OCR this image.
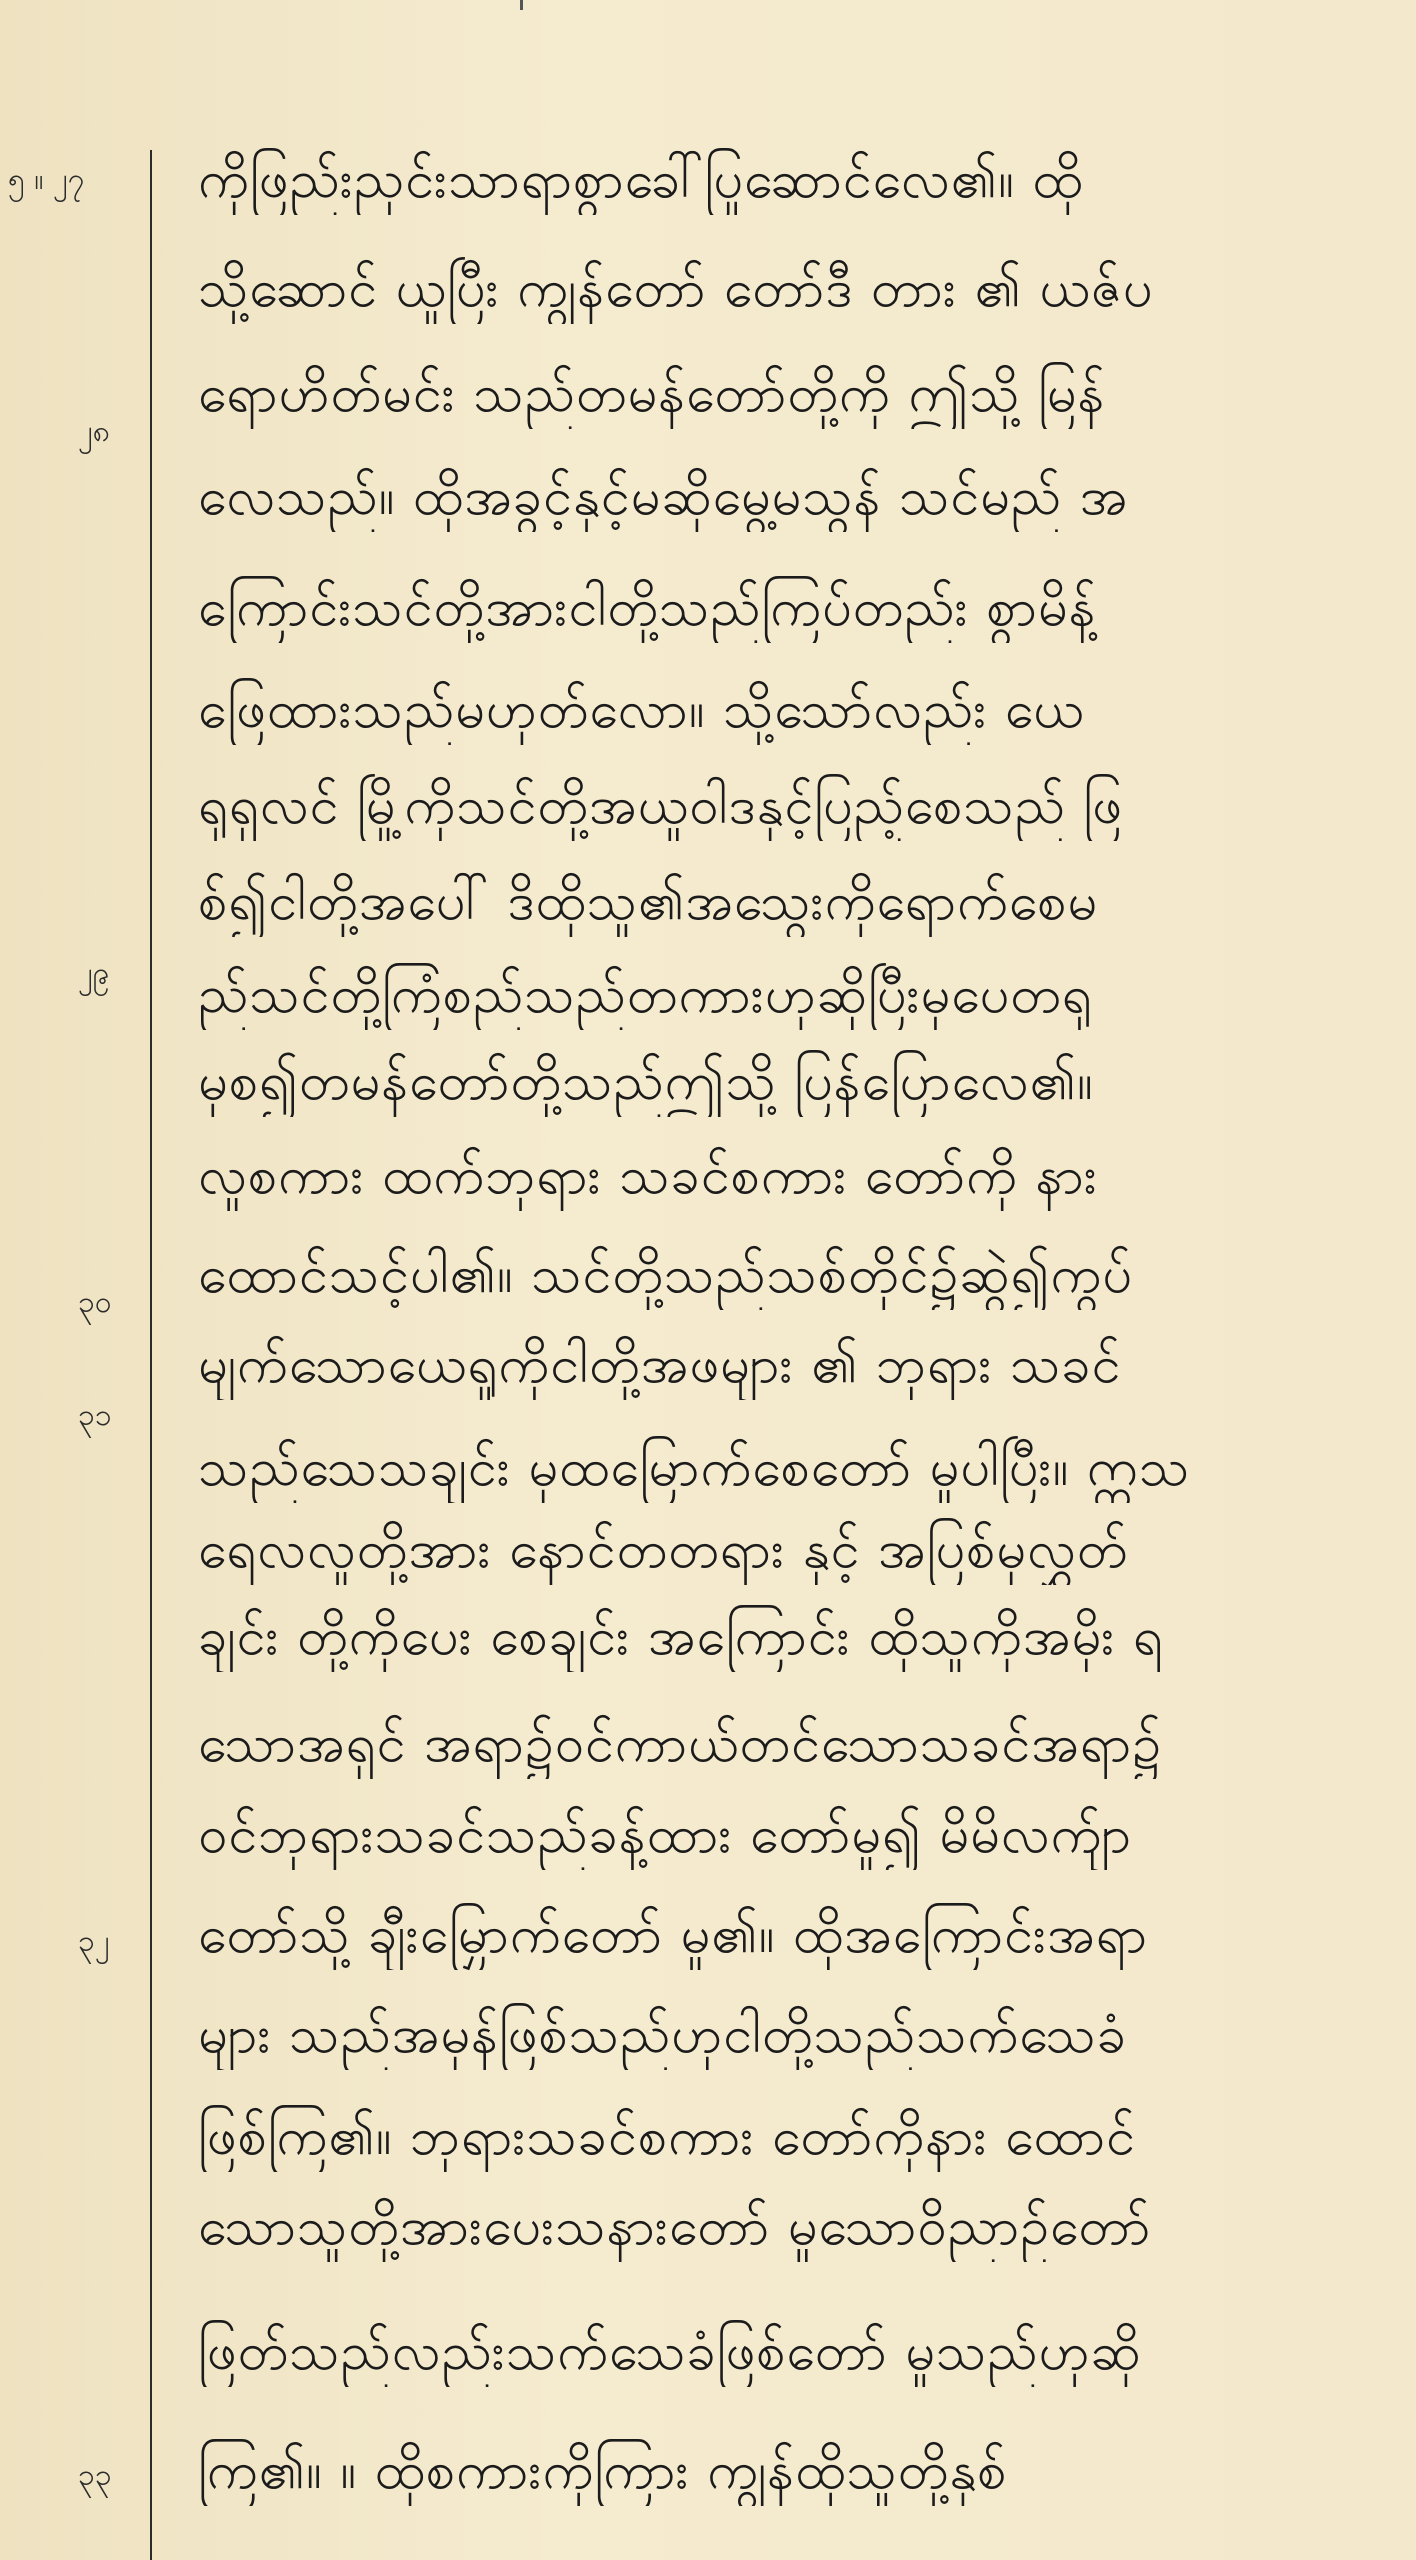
၅ ။ ၂၇
၂၈
၂၉
၃၀
၃၁
၃၂
၃၃
ကိုဖြည်းညှင်းသာရာစွာခေါ်ပြုဆောင်လေ၏။ ထို
သို့ဆောင် ယူပြီး ကျွန်တော် တော်ဒီ တား ၏ ယဇ်ပ
ရောဟိတ်မင်း သည်တမန်တော်တို့ကို ဤသို့ မြန်
လေသည်။ ထိုအခွင့်နှင့်မဆိုမွေ့မသွန် သင်မည် အ
ကြောင်းသင်တို့အားငါတို့သည်ကြပ်တည်း စွာမိန့်
ဖြေထားသည်မဟုတ်လော။ သို့သော်လည်း ယေ
ရုရှလင် မြို့ကိုသင်တို့အယူဝါဒနှင့်ပြည့်စေသည် ဖြ
စ်၍ငါတို့အပေါ် ဒိထိုသူ၏အသွေးကိုရောက်စေမ
ည်သင်တို့ကြံစည်သည်တကားဟုဆိုပြီးမှပေတရု
မှစ၍တမန်တော်တို့သည်ဤသို့ ပြန်ပြောလေ၏။
လူစကား ထက်ဘုရား သခင်စကား တော်ကို နား
ထောင်သင့်ပါ၏။ သင်တို့သည်သစ်တိုင်၌ဆွဲ၍ကွပ်
မျက်သောယေရှုကိုငါတို့အဖများ ၏ ဘုရား သခင်
သည်သေသချင်း မှထမြောက်စေတော် မူပါပြီး။ ဣသ
ရေလလူတို့အား နောင်တတရား နှင့် အပြစ်မှလွှတ်
ချင်း တို့ကိုပေး စေချင်း အကြောင်း ထိုသူကိုအမိုး ရ
သောအရှင် အရာ၌ဝင်ကာယ်တင်သောသခင်အရာ၌
ဝင်ဘုရားသခင်သည်ခန့်ထား တော်မူ၍ မိမိလက်ျာ
တော်သို့ ချီးမြှောက်တော် မူ၏။ ထိုအကြောင်းအရာ
များ သည်အမှန်ဖြစ်သည်ဟုငါတို့သည်သက်သေခံ
ဖြစ်ကြ၏။ ဘုရားသခင်စကား တော်ကိုနား ထောင်
သောသူတို့အားပေးသနားတော် မူသောဝိညာဉ်တော်
ဖြတ်သည်လည်းသက်သေခံဖြစ်တော် မူသည်ဟုဆို
ကြ၏။ ။ ထိုစကားကိုကြား ကျွန်ထိုသူတို့နှစ်
